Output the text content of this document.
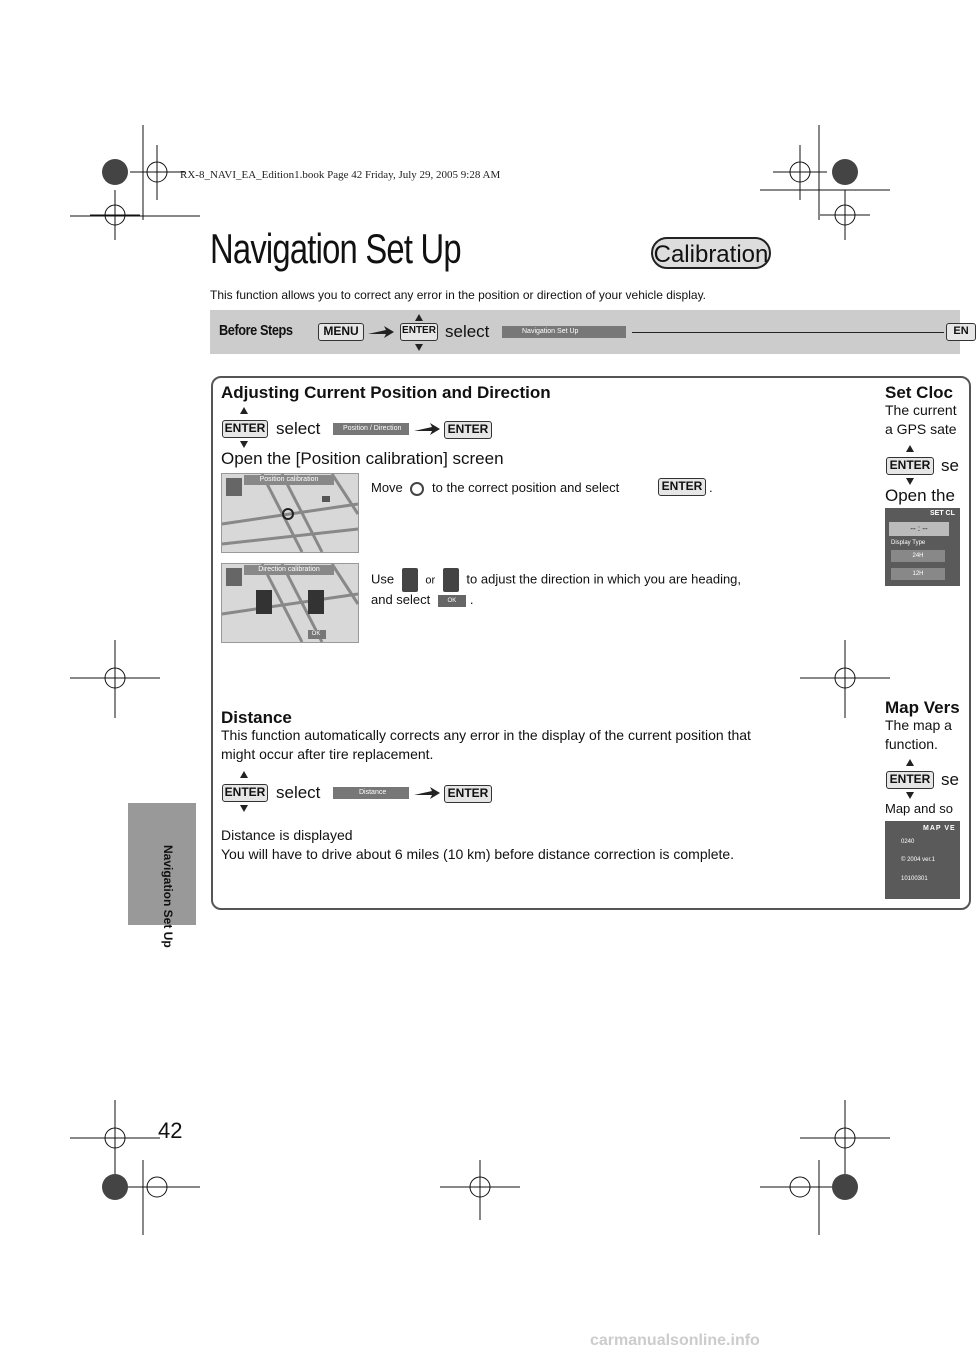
RX-8_NAVI_EA_Edition1.book Page 42 Friday, July 29, 2005 9:28 AM
Navigation Set Up	Calibration
This function allows you to correct any error in the position or direction of your vehicle display.
Before Steps	MENU	ENTER select	Navigation Set Up	EN
Adjusting Current Position and Direction
ENTER select	Position / Direction	ENTER
Open the [Position calibration] screen
Position calibration
Move to the correct position and select	ENTER .
Direction calibration
OK
Use	or to adjust the direction in which you are heading,
and select	OK .
Distance
This function automatically corrects any error in the display of the current position that
might occur after tire replacement.
ENTER select	Distance	ENTER
Distance is displayed
You will have to drive about 6 miles (10 km) before distance correction is complete.
Set Cloc
The current
a GPS sate
ENTER se
Open the
SET CL
-- : --
Display Type
24H
12H
Map Vers
The map a
function.
ENTER se
Map and so
MAP VE
0240
© 2004 ver.1
10100301
Navigation Set Up
42
carmanualsonline.info
